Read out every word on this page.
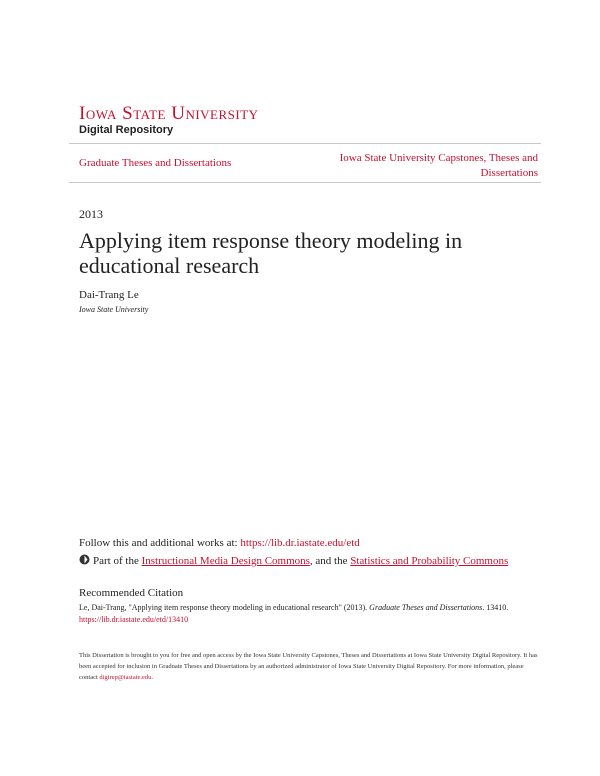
Iowa State University
Digital Repository
Graduate Theses and Dissertations	Iowa State University Capstones, Theses and Dissertations
2013
Applying item response theory modeling in educational research
Dai-Trang Le
Iowa State University
Follow this and additional works at: https://lib.dr.iastate.edu/etd
Part of the Instructional Media Design Commons, and the Statistics and Probability Commons
Recommended Citation
Le, Dai-Trang, "Applying item response theory modeling in educational research" (2013). Graduate Theses and Dissertations. 13410.
https://lib.dr.iastate.edu/etd/13410
This Dissertation is brought to you for free and open access by the Iowa State University Capstones, Theses and Dissertations at Iowa State University Digital Repository. It has been accepted for inclusion in Graduate Theses and Dissertations by an authorized administrator of Iowa State University Digital Repository. For more information, please contact digirep@iastate.edu.
